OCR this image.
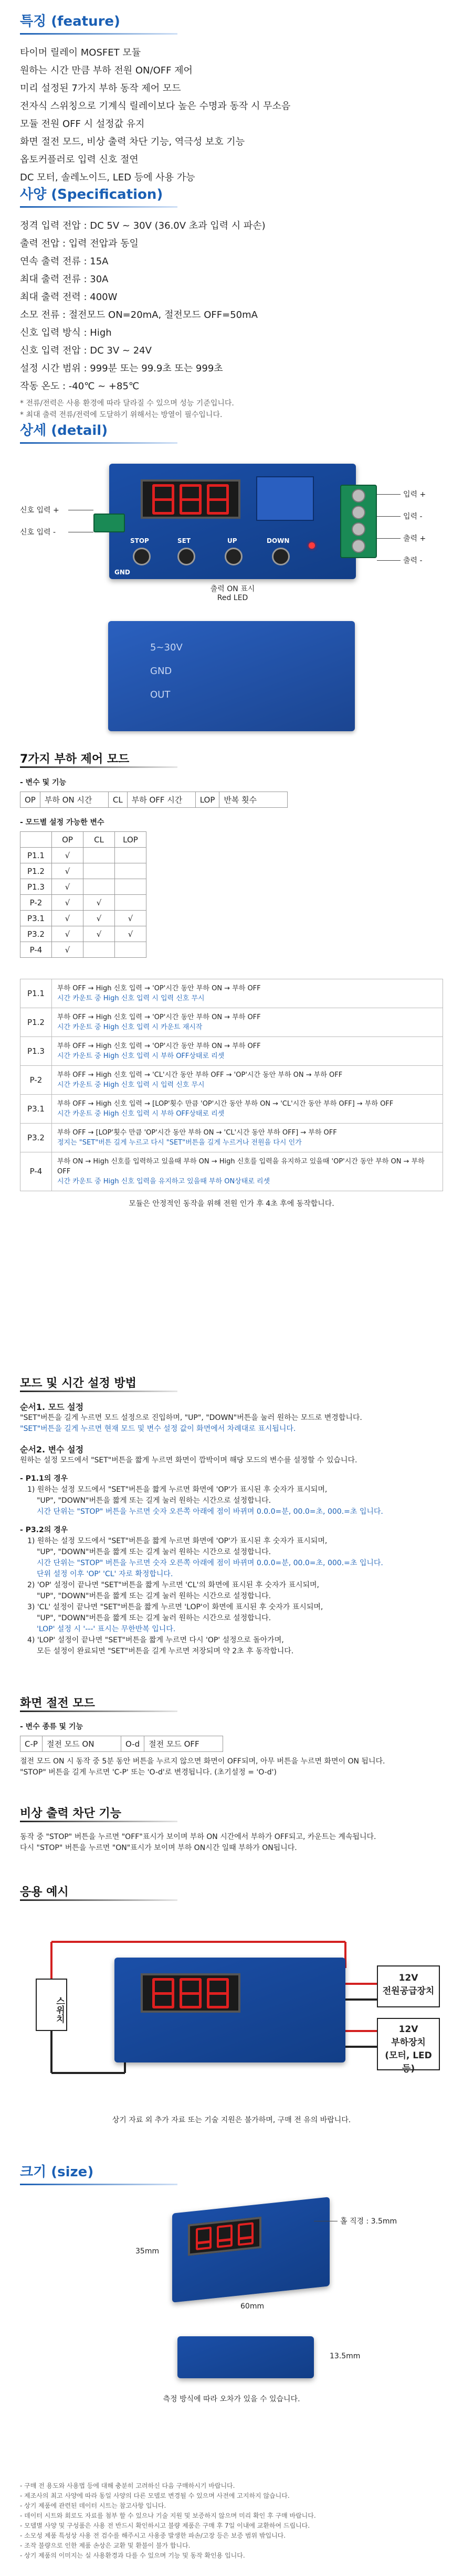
특징 (feature)
타이머 릴레이 MOSFET 모듈
원하는 시간 만큼 부하 전원 ON/OFF 제어
미리 설정된 7가지 부하 동작 제어 모드
전자식 스위칭으로 기계식 릴레이보다 높은 수명과 동작 시 무소음
모듈 전원 OFF 시 설정값 유지
화면 절전 모드, 비상 출력 차단 기능, 역극성 보호 기능
옵토커플러로 입력 신호 절연
DC 모터, 솔레노이드, LED 등에 사용 가능
사양 (Specification)
정격 입력 전압 : DC 5V ~ 30V (36.0V 초과 입력 시 파손)
출력 전압 : 입력 전압과 동일
연속 출력 전류 : 15A
최대 출력 전류 : 30A
최대 출력 전력 : 400W
소모 전류 : 절전모드 ON=20mA, 절전모드 OFF=50mA
신호 입력 방식 : High
신호 입력 전압 : DC 3V ~ 24V
설정 시간 범위 : 999분 또는 99.9초 또는 999초
작동 온도 : -40℃ ~ +85℃
* 전류/전력은 사용 환경에 따라 달라질 수 있으며 성능 기준입니다.
* 최대 출력 전류/전력에 도달하기 위해서는 방열이 필수입니다.
상세 (detail)
STOP	SET	UP	DOWN
GND
신호 입력 +
신호 입력 -
입력 +
입력 -
출력 +
출력 -
출력 ON 표시
Red LED
5~30V
GND
OUT
7가지 부하 제어 모드
- 변수 및 기능
OP	부하 ON 시간	CL	부하 OFF 시간	LOP	반복 횟수
- 모드별 설정 가능한 변수
	OP	CL	LOP
P1.1	√		
P1.2	√		
P1.3	√		
P-2	√	√	
P3.1	√	√	√
P3.2	√	√	√
P-4	√		
P1.1	부하 OFF → High 신호 입력 → 'OP'시간 동안 부하 ON → 부하 OFF
시간 카운트 중 High 신호 입력 시 입력 신호 무시

P1.2	부하 OFF → High 신호 입력 → 'OP'시간 동안 부하 ON → 부하 OFF
시간 카운트 중 High 신호 입력 시 카운트 재시작

P1.3	부하 OFF → High 신호 입력 → 'OP'시간 동안 부하 ON → 부하 OFF
시간 카운트 중 High 신호 입력 시 부하 OFF상태로 리셋

P-2	부하 OFF → High 신호 입력 → 'CL'시간 동안 부하 OFF → 'OP'시간 동안 부하 ON → 부하 OFF
시간 카운트 중 High 신호 입력 시 입력 신호 무시

P3.1	부하 OFF → High 신호 입력 → [LOP'횟수 만큼 'OP'시간 동안 부하 ON → 'CL'시간 동안 부하 OFF] → 부하 OFF
시간 카운트 중 High 신호 입력 시 부하 OFF상태로 리셋

P3.2	부하 OFF → [LOP'횟수 만큼 'OP'시간 동안 부하 ON → 'CL'시간 동안 부하 OFF] → 부하 OFF
정지는 "SET"버튼 길게 누르고 다시 "SET"버튼을 길게 누르거나 전원을 다시 인가

P-4	부하 ON → High 신호를 입력하고 있을때 부하 ON → High 신호를 입력을 유지하고 있을때 'OP'시간 동안 부하 ON → 부하 OFF
시간 카운트 중 High 신호 입력을 유지하고 있을때 부하 ON상태로 리셋
모듈은 안정적인 동작을 위해 전원 인가 후 4초 후에 동작합니다.
모드 및 시간 설정 방법
순서1. 모드 설정
"SET"버튼을 길게 누르면 모드 설정으로 진입하며, "UP", "DOWN"버튼을 눌러 원하는 모드로 변경합니다.
"SET"버튼을 길게 누르면 현재 모드 및 변수 설정 값이 화면에서 차례대로 표시됩니다.
순서2. 변수 설정
원하는 설정 모드에서 "SET"버튼을 짧게 누르면 화면이 깜박이며 해당 모드의 변수를 설정할 수 있습니다.
- P1.1의 경우
1) 원하는 설정 모드에서 "SET"버튼을 짧게 누르면 화면에 'OP'가 표시된 후 숫자가 표시되며,
"UP", "DOWN"버튼을 짧게 또는 길게 눌러 원하는 시간으로 설정합니다.
시간 단위는 "STOP" 버튼을 누르면 숫자 오른쪽 아래에 점이 바뀌며 0.0.0=분, 00.0=초, 000.=초 입니다.
- P3.2의 경우
1) 원하는 설정 모드에서 "SET"버튼을 짧게 누르면 화면에 'OP'가 표시된 후 숫자가 표시되며,
"UP", "DOWN"버튼을 짧게 또는 길게 눌러 원하는 시간으로 설정합니다.
시간 단위는 "STOP" 버튼을 누르면 숫자 오른쪽 아래에 점이 바뀌며 0.0.0=분, 00.0=초, 000.=초 입니다.
단위 설정 이후 'OP' 'CL' 자로 확정합니다.
2) 'OP' 설정이 끝나면 "SET"버튼을 짧게 누르면 'CL'의 화면에 표시된 후 숫자가 표시되며,
"UP", "DOWN"버튼을 짧게 또는 길게 눌러 원하는 시간으로 설정합니다.
3) 'CL' 설정이 끝나면 "SET"버튼을 짧게 누르면 'LOP'이 화면에 표시된 후 숫자가 표시되며,
"UP", "DOWN"버튼을 짧게 또는 길게 눌러 원하는 시간으로 설정합니다.
'LOP' 설정 시 '---' 표시는 무한반복 입니다.
4) 'LOP' 설정이 끝나면 "SET"버튼을 짧게 누르면 다시 'OP' 설정으로 돌아가며,
모든 설정이 완료되면 "SET"버튼을 길게 누르면 저장되며 약 2초 후 동작합니다.
화면 절전 모드
- 변수 종류 및 기능
C-P	절전 모드 ON	O-d	절전 모드 OFF
절전 모드 ON 시 동작 중 5분 동안 버튼을 누르지 않으면 화면이 OFF되며, 아무 버튼을 누르면 화면이 ON 됩니다.
"STOP" 버튼을 길게 누르면 'C-P' 또는 'O-d'로 변경됩니다. (초기설정 = 'O-d')
비상 출력 차단 기능
동작 중 "STOP" 버튼을 누르면 "OFF"표시가 보이며 부하 ON 시간에서 부하가 OFF되고, 카운트는 계속됩니다.
다시 "STOP" 버튼을 누르면 "ON"표시가 보이며 부하 ON시간 일때 부하가 ON됩니다.
응용 예시
스위치
12V
전원공급장치
12V
부하장치
(모터, LED 등)
상기 자료 외 추가 자료 또는 기술 지원은 불가하며, 구매 전 유의 바랍니다.
크기 (size)
홀 직경 : 3.5mm
35mm
60mm
13.5mm
측정 방식에 따라 오차가 있을 수 있습니다.
- 구매 전 용도와 사용법 등에 대해 충분히 고려하신 다음 구매하시기 바랍니다.
- 제조사의 최고 사양에 따라 동일 사양의 다른 모델로 변경될 수 있으며 사전에 고지하지 않습니다.
- 상기 제품에 관련된 데이터 시트는 참고사항 입니다.
- 데이터 시트와 회로도 자료를 첨부 할 수 있으나 기술 지원 및 보증하지 않으며 미리 확인 후 구매 바랍니다.
- 모델별 사양 및 구성품은 사용 전 반드시 확인하시고 불량 제품은 구매 후 7일 이내에 교환하여 드립니다.
- 소모성 제품 특성상 사용 전 검수를 해주시고 사용중 발생한 파손/고장 등은 보증 범위 밖입니다.
- 조작 불량으로 인한 제품 손상은 교환 및 환불이 불가 합니다.
- 상기 제품의 이미지는 실 사용환경과 다를 수 있으며 기능 및 동작 확인용 입니다.
